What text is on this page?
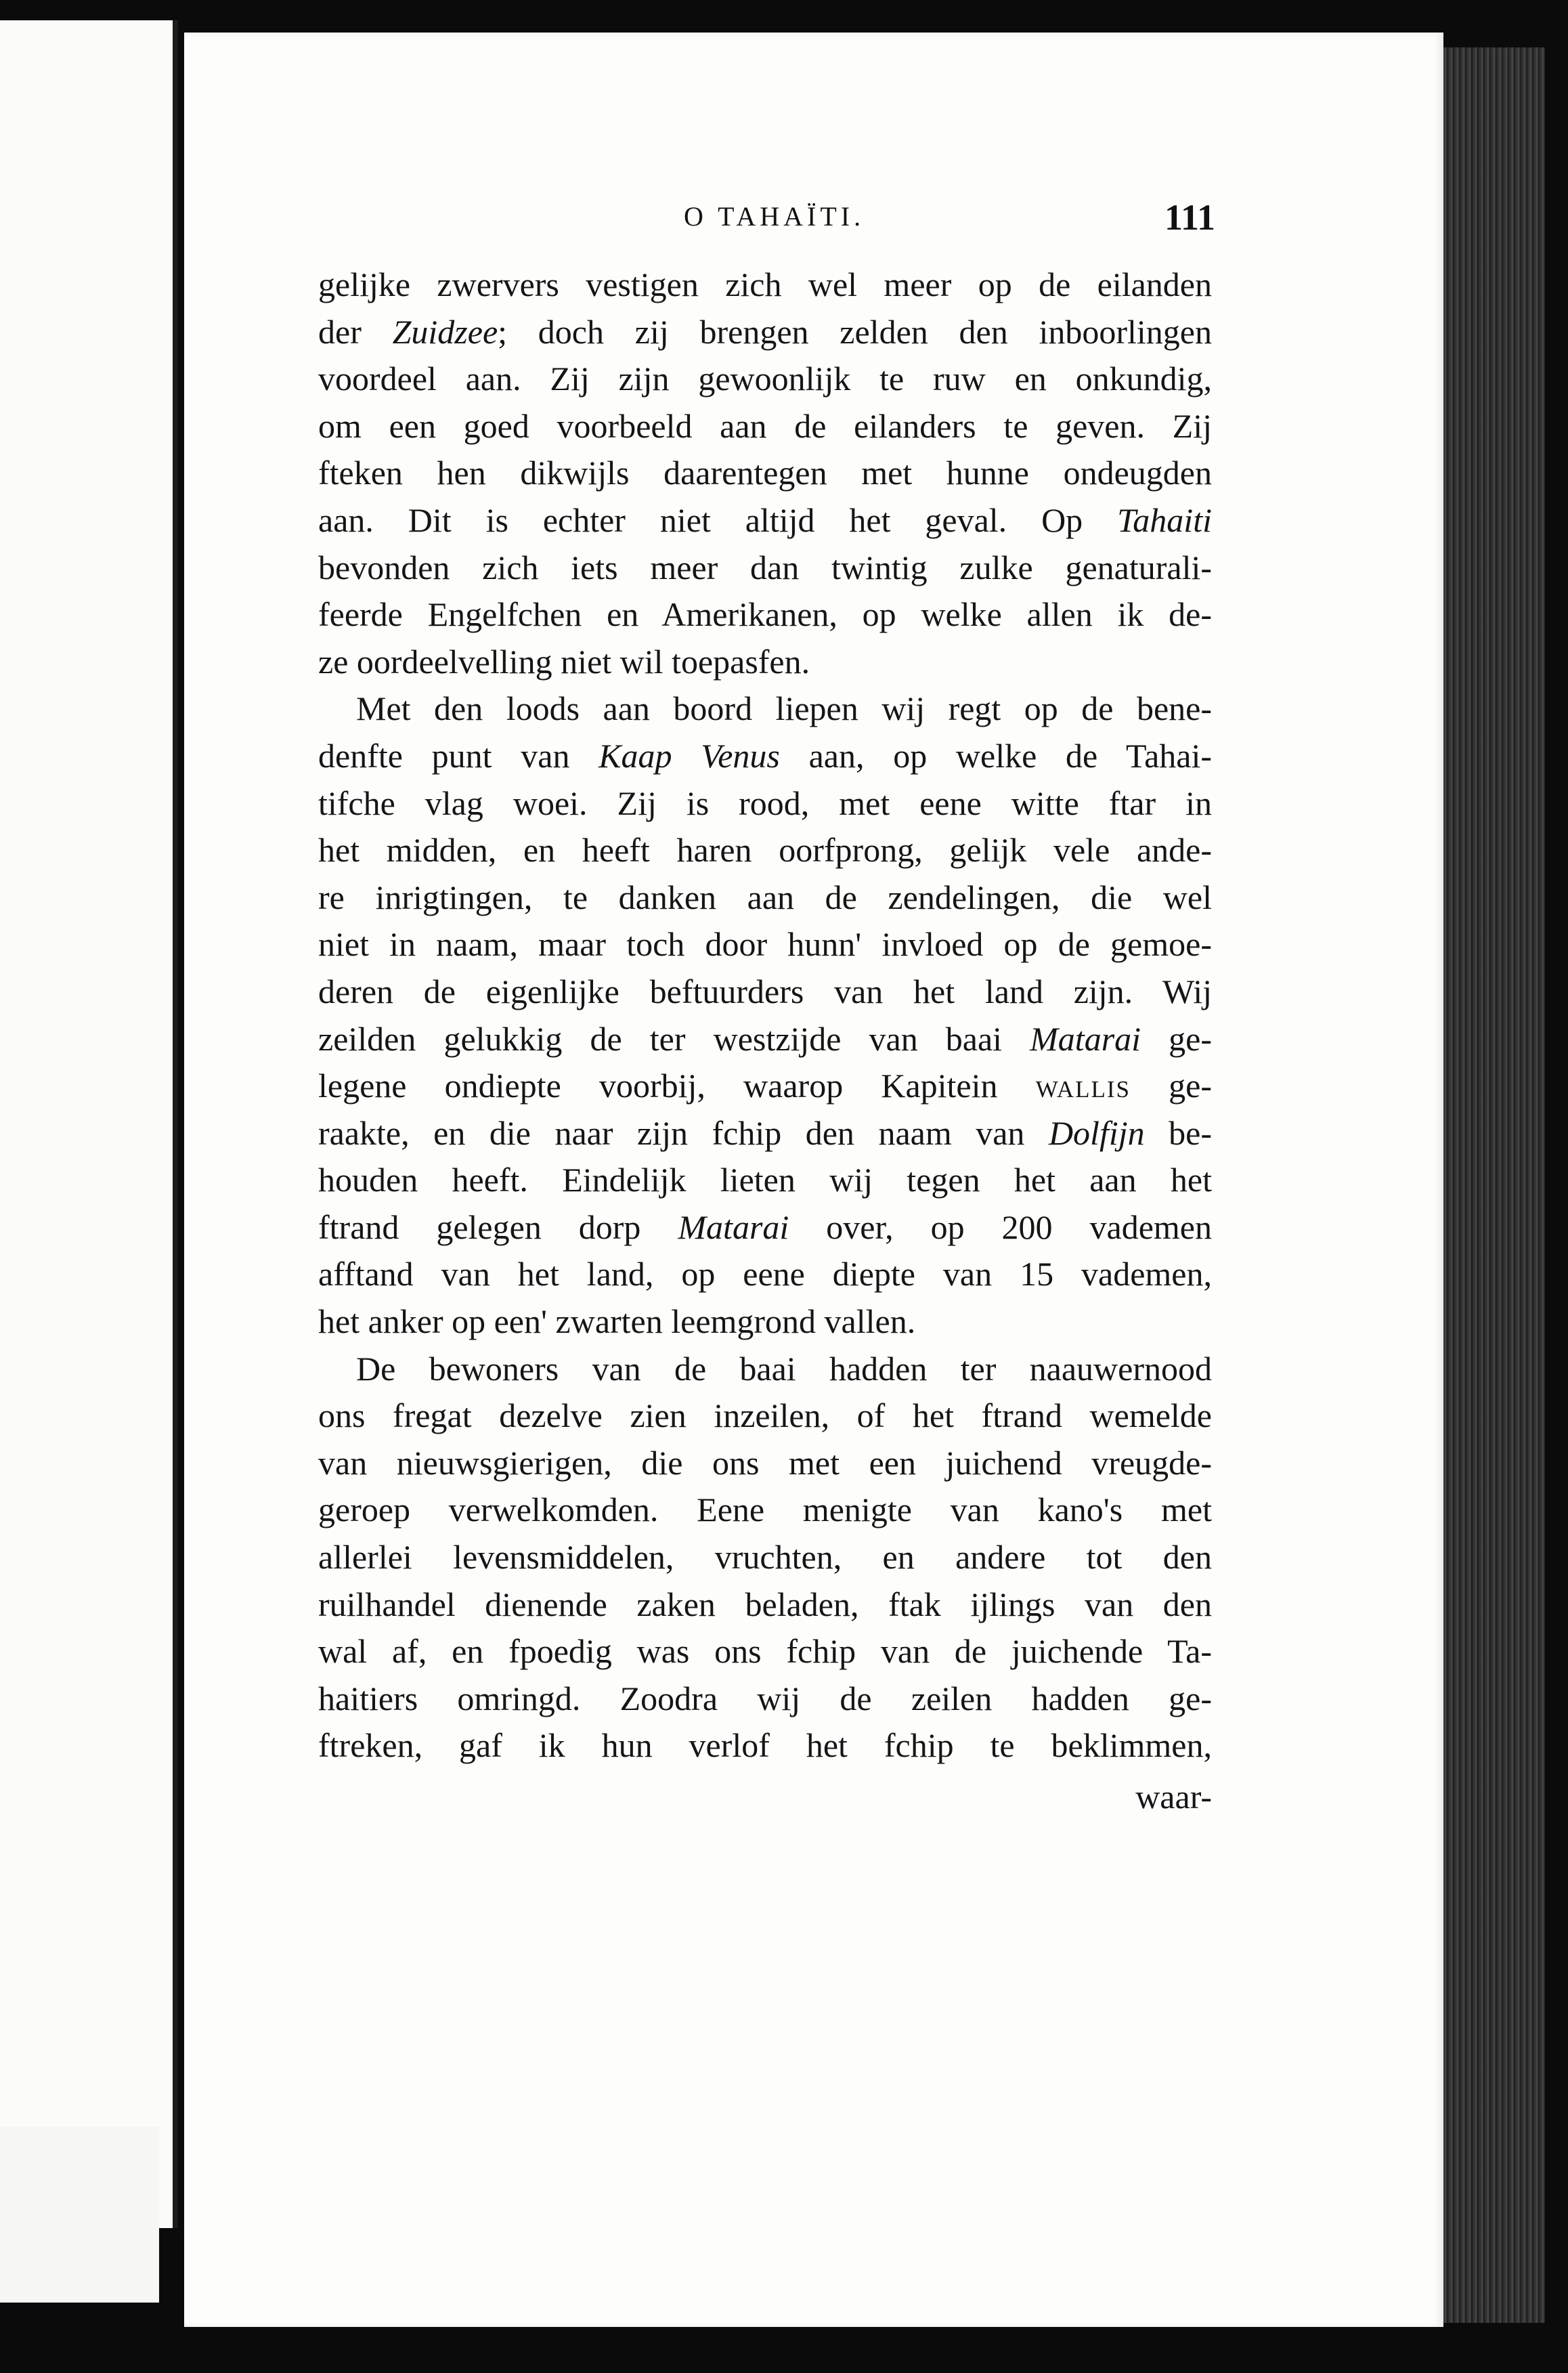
O TAHAÏTI.	111
gelijke zwervers vestigen zich wel meer op de eilanden
der Zuidzee; doch zij brengen zelden den inboorlingen
voordeel aan. Zij zijn gewoonlijk te ruw en onkundig,
om een goed voorbeeld aan de eilanders te geven. Zij
fteken hen dikwijls daarentegen met hunne ondeugden
aan. Dit is echter niet altijd het geval. Op Tahaiti
bevonden zich iets meer dan twintig zulke genaturali-
feerde Engelfchen en Amerikanen, op welke allen ik de-
ze oordeelvelling niet wil toepasfen.
Met den loods aan boord liepen wij regt op de bene-
denfte punt van Kaap Venus aan, op welke de Tahai-
tifche vlag woei. Zij is rood, met eene witte ftar in
het midden, en heeft haren oorfprong, gelijk vele ande-
re inrigtingen, te danken aan de zendelingen, die wel
niet in naam, maar toch door hunn' invloed op de gemoe-
deren de eigenlijke beftuurders van het land zijn. Wij
zeilden gelukkig de ter westzijde van baai Matarai ge-
legene ondiepte voorbij, waarop Kapitein wallis ge-
raakte, en die naar zijn fchip den naam van Dolfijn be-
houden heeft. Eindelijk lieten wij tegen het aan het
ftrand gelegen dorp Matarai over, op 200 vademen
afftand van het land, op eene diepte van 15 vademen,
het anker op een' zwarten leemgrond vallen.
De bewoners van de baai hadden ter naauwernood
ons fregat dezelve zien inzeilen, of het ftrand wemelde
van nieuwsgierigen, die ons met een juichend vreugde-
geroep verwelkomden. Eene menigte van kano's met
allerlei levensmiddelen, vruchten, en andere tot den
ruilhandel dienende zaken beladen, ftak ijlings van den
wal af, en fpoedig was ons fchip van de juichende Ta-
haitiers omringd. Zoodra wij de zeilen hadden ge-
ftreken, gaf ik hun verlof het fchip te beklimmen,
waar-
